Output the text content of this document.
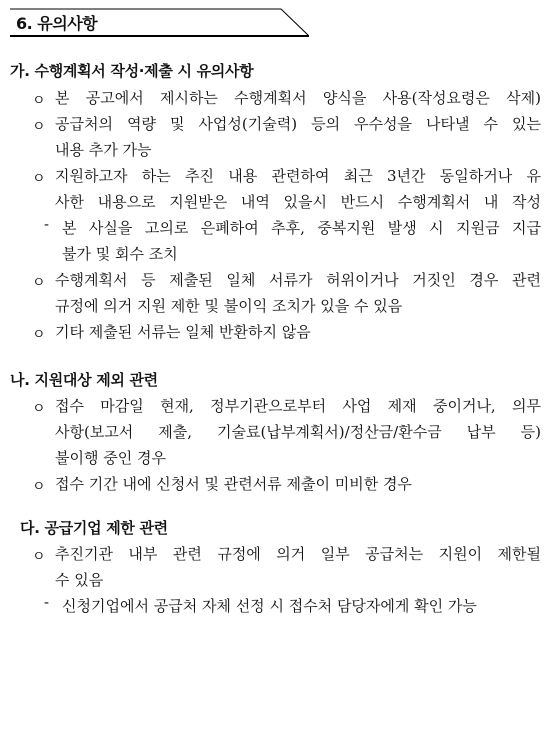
6. 유의사항
가. 수행계획서 작성·제출 시 유의사항
ㅇ 본 공고에서 제시하는 수행계획서 양식을 사용(작성요령은 삭제)
ㅇ 공급처의 역량 및 사업성(기술력) 등의 우수성을 나타낼 수 있는
내용 추가 가능
ㅇ 지원하고자 하는 추진 내용 관련하여 최근 3년간 동일하거나 유
사한 내용으로 지원받은 내역 있을시 반드시 수행계획서 내 작성
- 본 사실을 고의로 은폐하여 추후, 중복지원 발생 시 지원금 지급
불가 및 회수 조치
ㅇ 수행계획서 등 제출된 일체 서류가 허위이거나 거짓인 경우 관련
규정에 의거 지원 제한 및 불이익 조치가 있을 수 있음
ㅇ 기타 제출된 서류는 일체 반환하지 않음
나. 지원대상 제외 관련
ㅇ 접수 마감일 현재, 정부기관으로부터 사업 제재 중이거나, 의무
사항(보고서 제출, 기술료(납부계획서)/정산금/환수금 납부 등)
불이행 중인 경우
ㅇ 접수 기간 내에 신청서 및 관련서류 제출이 미비한 경우
다. 공급기업 제한 관련
ㅇ 추진기관 내부 관련 규정에 의거 일부 공급처는 지원이 제한될
수 있음
- 신청기업에서 공급처 자체 선정 시 접수처 담당자에게 확인 가능
